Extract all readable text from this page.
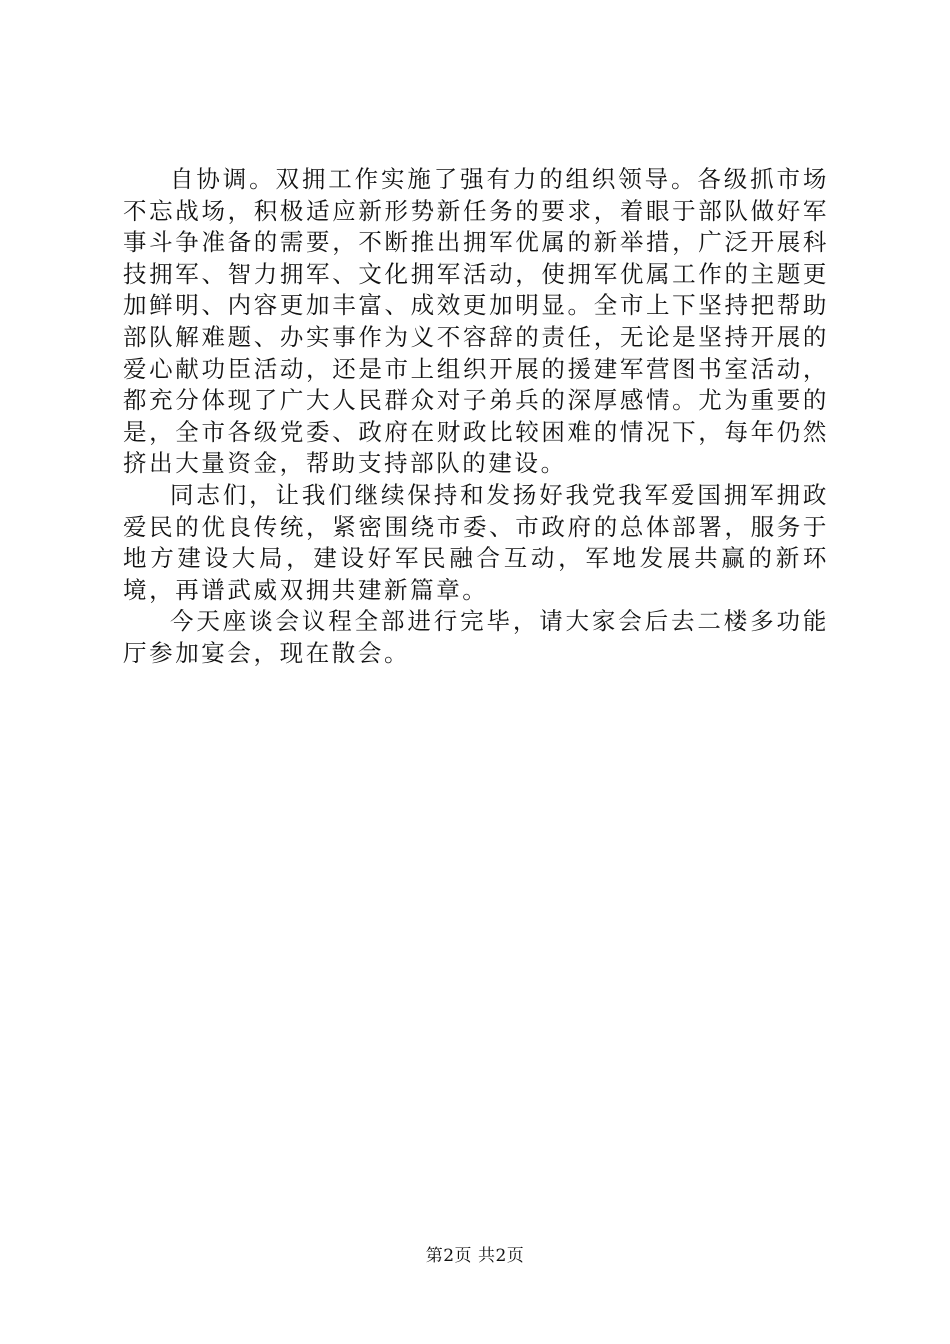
自协调。双拥工作实施了强有力的组织领导。各级抓市场不忘战场，积极适应新形势新任务的要求，着眼于部队做好军事斗争准备的需要，不断推出拥军优属的新举措，广泛开展科技拥军、智力拥军、文化拥军活动，使拥军优属工作的主题更加鲜明、内容更加丰富、成效更加明显。全市上下坚持把帮助部队解难题、办实事作为义不容辞的责任，无论是坚持开展的爱心献功臣活动，还是市上组织开展的援建军营图书室活动，都充分体现了广大人民群众对子弟兵的深厚感情。尤为重要的是，全市各级党委、政府在财政比较困难的情况下，每年仍然挤出大量资金，帮助支持部队的建设。

同志们，让我们继续保持和发扬好我党我军爱国拥军拥政爱民的优良传统，紧密围绕市委、市政府的总体部署，服务于地方建设大局，建设好军民融合互动，军地发展共赢的新环境，再谱武威双拥共建新篇章。

今天座谈会议程全部进行完毕，请大家会后去二楼多功能厅参加宴会，现在散会。

第2页 共2页
